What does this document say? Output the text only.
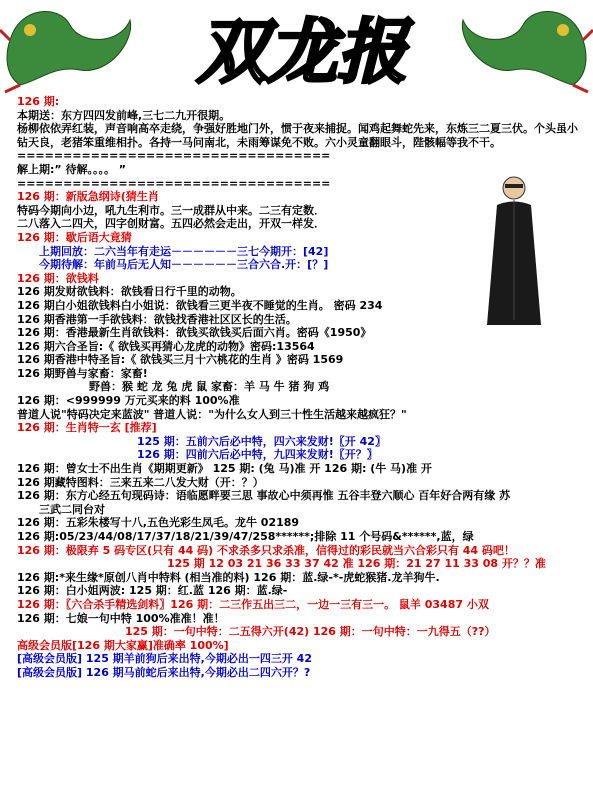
双龙报
126 期:
本期送：东方四四发前峰,三七二九开很期。
杨柳依依弄红装，声音响高卒走绕，争强好胜地门外，惯于夜来捕捉。闻鸡起舞蛇先来，东炼三二夏三伏。个头虽小钻天良，老猪笨重维相扑。各持一马问南北，未雨筹谋免不败。六小灵童翻眼斗，陛骸幅等我不干。
==================================
解上期:” 待解。。。。 ”
==================================
126 期：新版急纲诗(猜生肖
特码今期向小边，吼九生利市。三一成群从中来。二三有定数．
二八落入二四犬，四字创财富。五四必然会走出，开双一样发．
126 期：歇后语大竟猜
上期回放：二六当年有走运－－－－－－三七今期开：[42]
今期待解：年前马后无人知－－－－－－三合六合.开：[？]
126 期：欲钱料
126 期发财欲钱料：欲钱看日行千里的动物。
126 期白小姐欲钱料白小姐说：欲钱看三更半夜不睡觉的生肖。 密码 234
126 期香港第一手欲钱料：欲钱找香港社区区长的生活。
126 期：香港最新生肖欲钱料：欲钱买欲钱买后面六肖。密码《1950》
126 期六合圣旨:《 欲钱买再猜心龙虎的动物》密码:13564
126 期香港中特圣旨:《 欲钱买三月十六桃花的生肖 》密码 1569
126 期野兽与家畜：家畜!
野兽：猴 蛇 龙 兔 虎 鼠 家畜：羊 马 牛 猪 狗 鸡
126 期：<999999 万元买来的料 100%准
普道人说"特码决定来蓝波" 普道人说："为什么女人到三十性生活越来越疯狂？"
126 期：生肖特一玄 [推荐]
125 期：五前六后必中特，四六来发财!〖开 42〗
126 期：四前六后必中特，九四来发财!〖开？〗
126 期：曾女士不出生肖《期期更新》 125 期: (兔 马)准 开 126 期: (牛 马)准 开
126 期藏特图料：三来五来二八发大财（开：？）
126 期：东方心经五句现码诗：语临愿畔要三思 事故心中须再惟 五谷丰登六顺心 百年好合两有缘 苏
三武二同台对
126 期：五彩朱楼写十八,五色光彩生凤毛。龙牛 02189
126 期:05/23/44/08/17/37/18/21/39/47/258******;排除 11 个号码&******,蓝，绿
126 期：极限弃 5 码专区(只有 44 码) 不求杀多只求杀准，信得过的彩民就当六合彩只有 44 码吧！
125 期 12 03 21 36 33 37 42 准 126 期：21 27 11 33 08 开？？准
126 期:*来生缘*原创八肖中特料 (相当准的料) 126 期：蓝.绿-*-虎蛇猴猪.龙羊狗牛.
126 期：白小姐两波: 125 期：红.蓝 126 期：蓝.绿-
126 期：〖六合杀手精选剑料〗126 期：二三作五出三二，一边一三有三一。 鼠羊 03487 小双
126 期：七娘一句中特 100%准准！准！
125 期：一句中特：二五得六开(42) 126 期：一句中特：一九得五（??）
高级会员版[126 期大家赢]准确率 100%]
[高级会员版] 125 期羊前狗后来出特,今期必出一四三开 42
[高级会员版] 126 期马前蛇后来出特,今期必出二四六开？?
